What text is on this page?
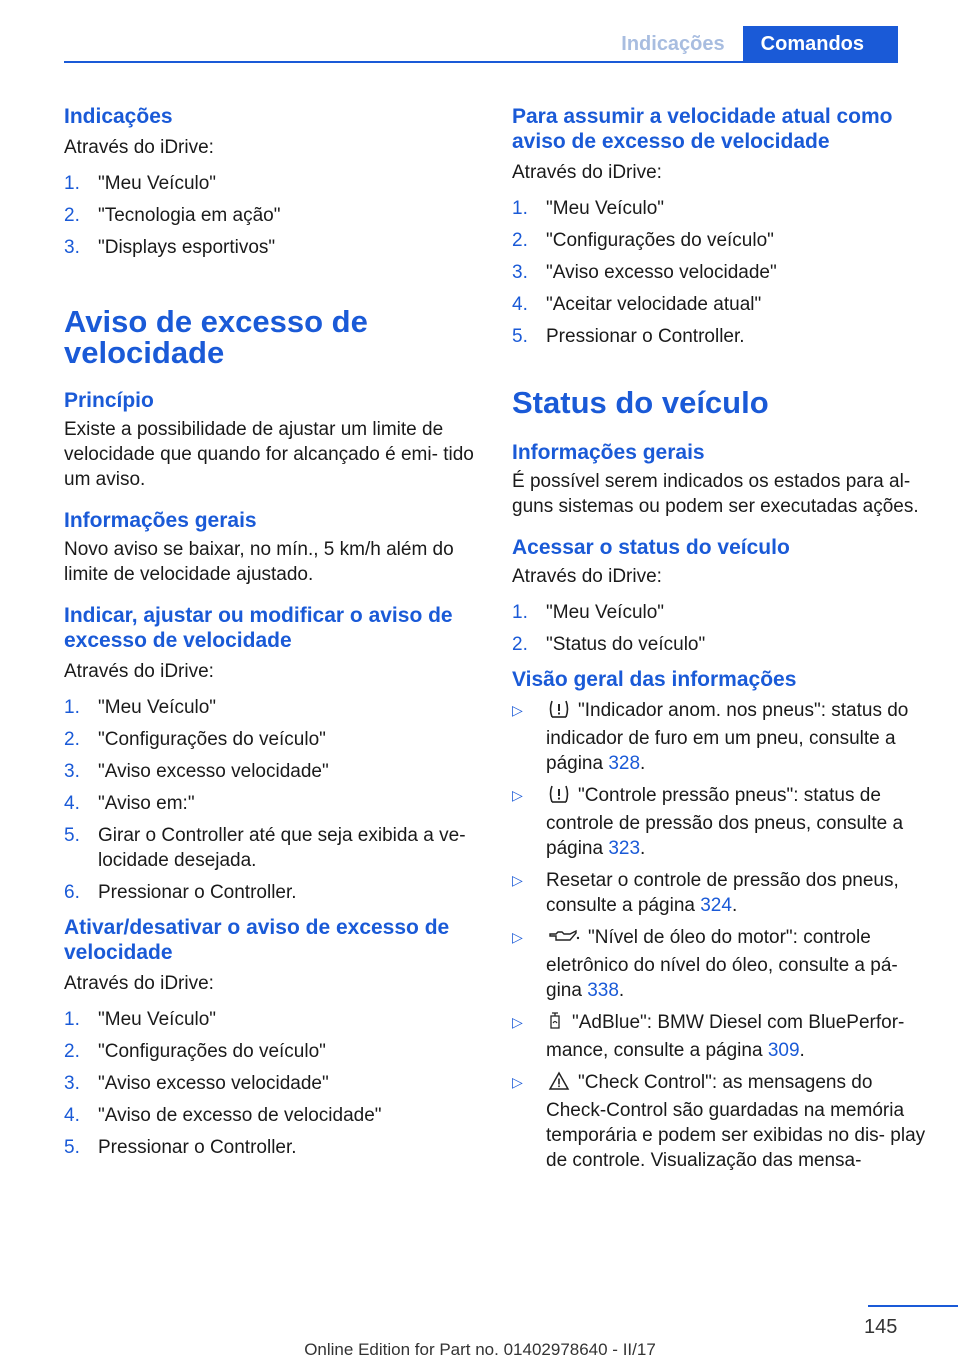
Indicações	Comandos
Indicações

Através do iDrive:

1. "Meu Veículo"
2. "Tecnologia em ação"
3. "Displays esportivos"
Aviso de excesso de velocidade
Princípio

Existe a possibilidade de ajustar um limite de velocidade que quando for alcançado é emi- tido um aviso.

Informações gerais

Novo aviso se baixar, no mín., 5 km/h além do limite de velocidade ajustado.

Indicar, ajustar ou modificar o aviso de excesso de velocidade

Através do iDrive:

1. "Meu Veículo"
2. "Configurações do veículo"
3. "Aviso excesso velocidade"
4. "Aviso em:"
5. Girar o Controller até que seja exibida a ve- locidade desejada.
6. Pressionar o Controller.
Ativar/desativar o aviso de excesso de velocidade

Através do iDrive:

1. "Meu Veículo"
2. "Configurações do veículo"
3. "Aviso excesso velocidade"
4. "Aviso de excesso de velocidade"
5. Pressionar o Controller.
Para assumir a velocidade atual como aviso de excesso de velocidade

Através do iDrive:

1. "Meu Veículo"
2. "Configurações do veículo"
3. "Aviso excesso velocidade"
4. "Aceitar velocidade atual"
5. Pressionar o Controller.
Status do veículo
Informações gerais

É possível serem indicados os estados para al- guns sistemas ou podem ser executadas ações.

Acessar o status do veículo

Através do iDrive:

1. "Meu Veículo"
2. "Status do veículo"
Visão geral das informações
▷	"Indicador anom. nos pneus": status do indicador de furo em um pneu, consulte a página 328.
▷	"Controle pressão pneus": status de controle de pressão dos pneus, consulte a página 323.
▷	Resetar o controle de pressão dos pneus, consulte a página 324.
▷	"Nível de óleo do motor": controle eletrônico do nível do óleo, consulte a pá- gina 338.
▷	"AdBlue": BMW Diesel com BluePerfor- mance, consulte a página 309.
▷	"Check Control": as mensagens do Check-Control são guardadas na memória temporária e podem ser exibidas no dis- play de controle. Visualização das mensa-
145
Online Edition for Part no. 01402978640 - II/17
